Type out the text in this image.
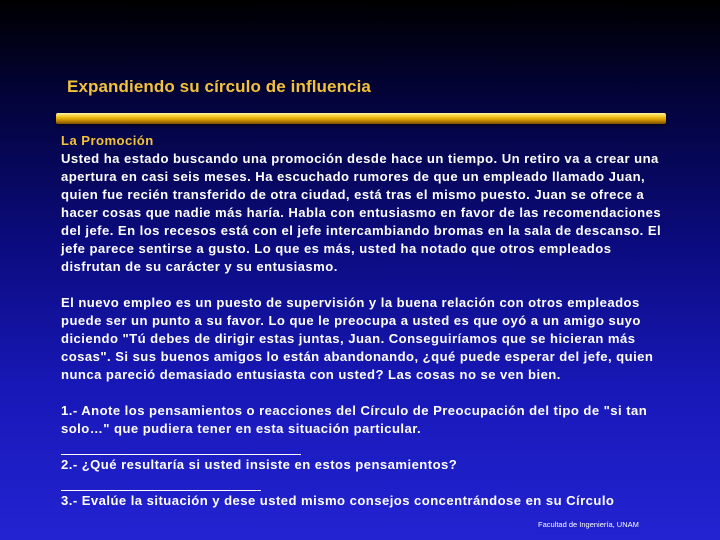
Expandiendo su círculo de influencia
La Promoción

Usted ha estado buscando una promoción desde hace un tiempo. Un retiro va a crear una apertura en casi seis meses. Ha escuchado rumores de que un empleado llamado Juan, quien fue recién transferido de otra ciudad, está tras el mismo puesto. Juan se ofrece a hacer cosas que nadie más haría. Habla con entusiasmo en favor de las recomendaciones del jefe. En los recesos está con el jefe intercambiando bromas en la sala de descanso. El jefe parece sentirse a gusto. Lo que es más, usted ha notado que otros empleados disfrutan de su carácter y su entusiasmo.

El nuevo empleo es un puesto de supervisión y la buena relación con otros empleados puede ser un punto a su favor. Lo que le preocupa a usted es que oyó a un amigo suyo diciendo "Tú debes de dirigir estas juntas, Juan. Conseguiríamos que se hicieran más cosas". Si sus buenos amigos lo están abandonando, ¿qué puede esperar del jefe, quien nunca pareció demasiado entusiasta con usted? Las cosas no se ven bien.

1.- Anote los pensamientos o reacciones del Círculo de Preocupación del tipo de "si tan solo…" que pudiera tener en esta situación particular.

2.- ¿Qué resultaría si usted insiste en estos pensamientos?

3.- Evalúe la situación y dese usted mismo consejos concentrándose en su Círculo

Facultad de Ingeniería, UNAM
